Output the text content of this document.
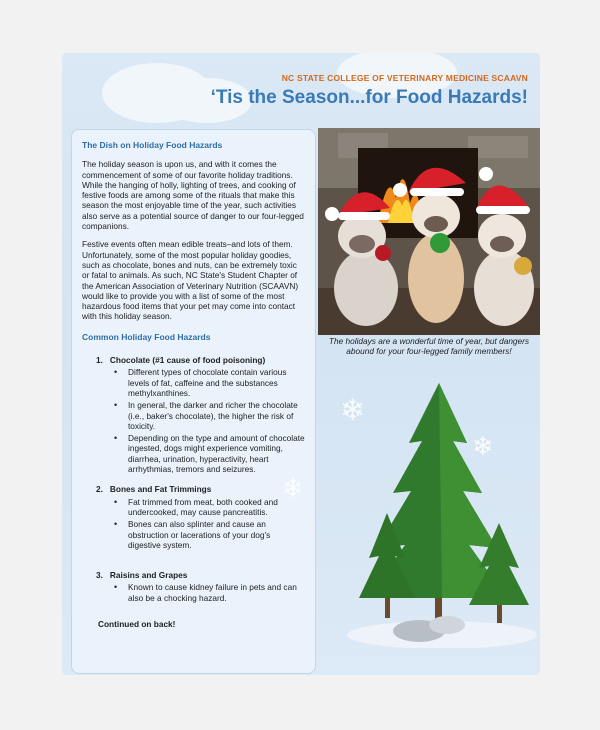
NC STATE COLLEGE OF VETERINARY MEDICINE SCAAVN
‘Tis the Season...for Food Hazards!
The Dish on Holiday Food Hazards

The holiday season is upon us, and with it comes the commencement of some of our favorite holiday traditions. While the hanging of holly, lighting of trees, and cooking of festive foods are among some of the rituals that make this season the most enjoyable time of the year, such activities also serve as a potential source of danger to our four-legged companions.

Festive events often mean edible treats–and lots of them. Unfortunately, some of the most popular holiday goodies, such as chocolate, bones and nuts, can be extremely toxic or fatal to animals. As such, NC State's Student Chapter of the American Association of Veterinary Nutrition (SCAAVN) would like to provide you with a list of some of the most hazardous food items that your pet may come into contact with this holiday season.

Common Holiday Food Hazards
1. Chocolate (#1 cause of food poisoning)
• Different types of chocolate contain various levels of fat, caffeine and the substances methylxanthines.
• In general, the darker and richer the chocolate (i.e., baker's chocolate), the higher the risk of toxicity.
• Depending on the type and amount of chocolate ingested, dogs might experience vomiting, diarrhea, urination, hyperactivity, heart arrhythmias, tremors and seizures.
2. Bones and Fat Trimmings
• Fat trimmed from meat, both cooked and undercooked, may cause pancreatitis.
• Bones can also splinter and cause an obstruction or lacerations of your dog's digestive system.
3. Raisins and Grapes
• Known to cause kidney failure in pets and can also be a chocking hazard.
Continued on back!
The holidays are a wonderful time of year, but dangers abound for your four-legged family members!
❄
❄
❄
